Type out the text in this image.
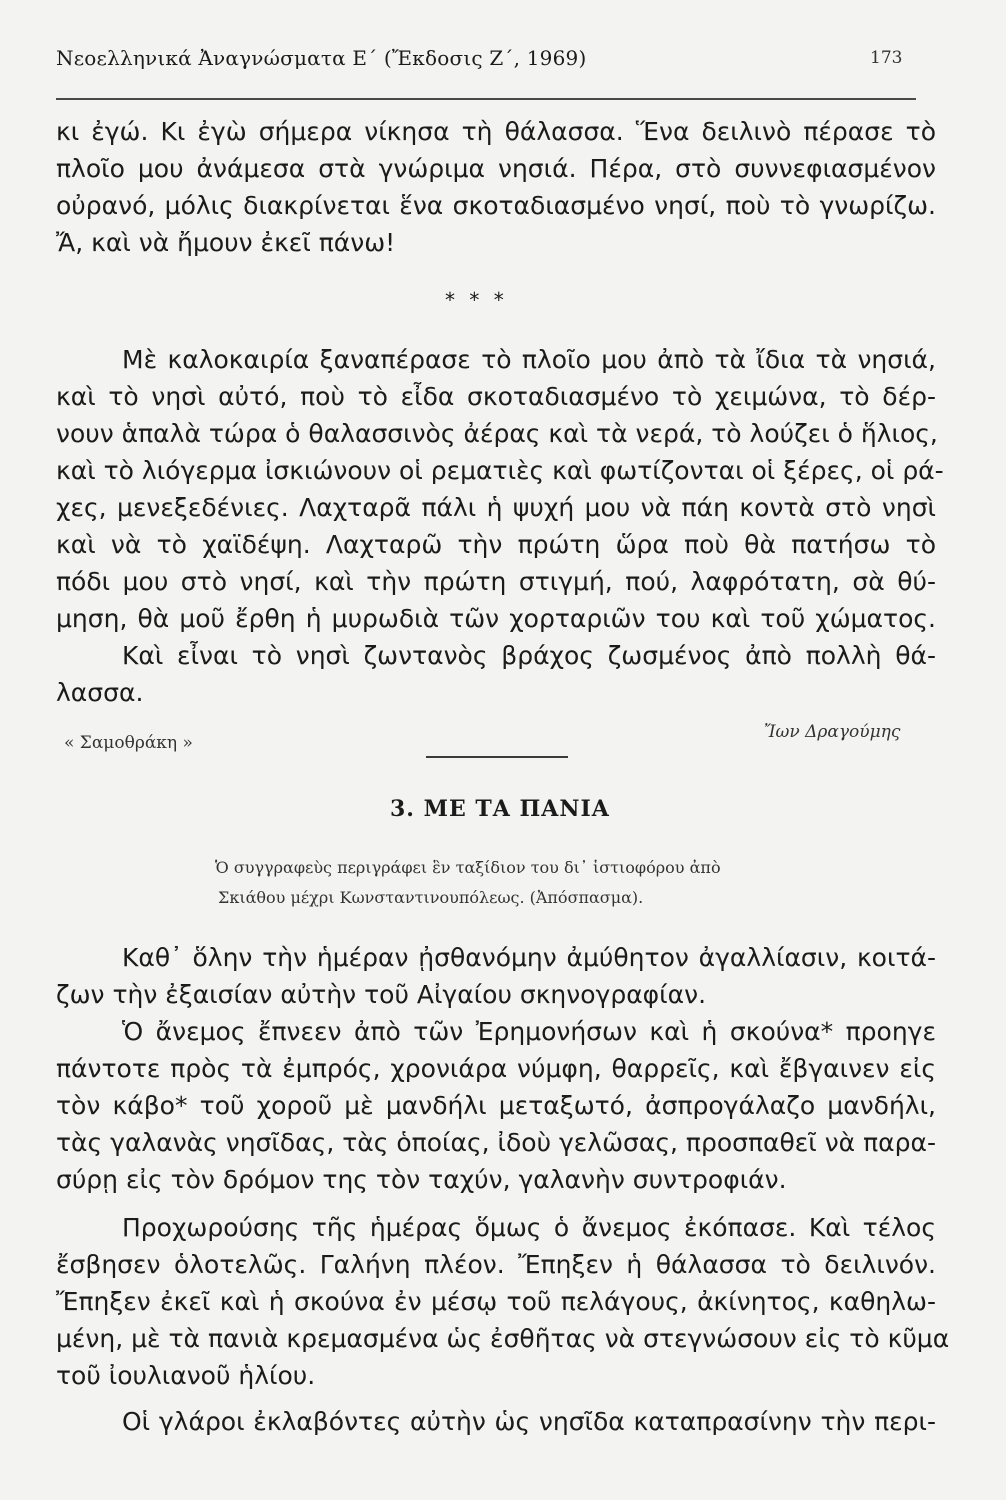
Νεοελληνικά Ἀναγνώσματα Ε΄ (Ἔκδοσις Ζ΄, 1969)	173
κι ἐγώ. Κι ἐγὼ σήμερα νίκησα τὴ θάλασσα. Ἕνα δειλινὸ πέρασε τὸ
πλοῖο μου ἀνάμεσα στὰ γνώριμα νησιά. Πέρα, στὸ συννεφιασμένον
οὐρανό, μόλις διακρίνεται ἕνα σκοταδιασμένο νησί, ποὺ τὸ γνωρίζω.
Ἄ, καὶ νὰ ἤμουν ἐκεῖ πάνω!
* * *
Μὲ καλοκαιρία ξαναπέρασε τὸ πλοῖο μου ἀπὸ τὰ ἴδια τὰ νησιά,
καὶ τὸ νησὶ αὐτό, ποὺ τὸ εἶδα σκοταδιασμένο τὸ χειμώνα, τὸ δέρ-
νουν ἁπαλὰ τώρα ὁ θαλασσινὸς ἀέρας καὶ τὰ νερά, τὸ λούζει ὁ ἥλιος,
καὶ τὸ λιόγερμα ἰσκιώνουν οἱ ρεματιὲς καὶ φωτίζονται οἱ ξέρες, οἱ ρά-
χες, μενεξεδένιες. Λαχταρᾶ πάλι ἡ ψυχή μου νὰ πάη κοντὰ στὸ νησὶ
καὶ νὰ τὸ χαϊδέψη. Λαχταρῶ τὴν πρώτη ὥρα ποὺ θὰ πατήσω τὸ
πόδι μου στὸ νησί, καὶ τὴν πρώτη στιγμή, πού, λαφρότατη, σὰ θύ-
μηση, θὰ μοῦ ἔρθη ἡ μυρωδιὰ τῶν χορταριῶν του καὶ τοῦ χώματος.
Καὶ εἶναι τὸ νησὶ ζωντανὸς βράχος ζωσμένος ἀπὸ πολλὴ θά-
λασσα.
Ἴων Δραγούμης
« Σαμοθράκη »
3. ΜΕ ΤΑ ΠΑΝΙΑ
Ὁ συγγραφεὺς περιγράφει ἓν ταξίδιον του δι᾽ ἱστιοφόρου ἀπὸ
Σκιάθου μέχρι Κωνσταντινουπόλεως. (Ἀπόσπασμα).
Καθ᾽ ὅλην τὴν ἡμέραν ᾐσθανόμην ἀμύθητον ἀγαλλίασιν, κοιτά-
ζων τὴν ἐξαισίαν αὐτὴν τοῦ Αἰγαίου σκηνογραφίαν.
Ὁ ἄνεμος ἔπνεεν ἀπὸ τῶν Ἐρημονήσων καὶ ἡ σκούνα* προηγε
πάντοτε πρὸς τὰ ἐμπρός, χρονιάρα νύμφη, θαρρεῖς, καὶ ἔβγαινεν εἰς
τὸν κάβο* τοῦ χοροῦ μὲ μανδήλι μεταξωτό, ἀσπρογάλαζο μανδήλι,
τὰς γαλανὰς νησῖδας, τὰς ὁποίας, ἰδοὺ γελῶσας, προσπαθεῖ νὰ παρα-
σύρῃ εἰς τὸν δρόμον της τὸν ταχύν, γαλανὴν συντροφιάν.
Προχωρούσης τῆς ἡμέρας ὅμως ὁ ἄνεμος ἐκόπασε. Καὶ τέλος
ἔσβησεν ὁλοτελῶς. Γαλήνη πλέον. Ἔπηξεν ἡ θάλασσα τὸ δειλινόν.
Ἔπηξεν ἐκεῖ καὶ ἡ σκούνα ἐν μέσῳ τοῦ πελάγους, ἀκίνητος, καθηλω-
μένη, μὲ τὰ πανιὰ κρεμασμένα ὡς ἐσθῆτας νὰ στεγνώσουν εἰς τὸ κῦμα
τοῦ ἰουλιανοῦ ἡλίου.
Οἱ γλάροι ἐκλαβόντες αὐτὴν ὡς νησῖδα καταπρασίνην τὴν περι-
